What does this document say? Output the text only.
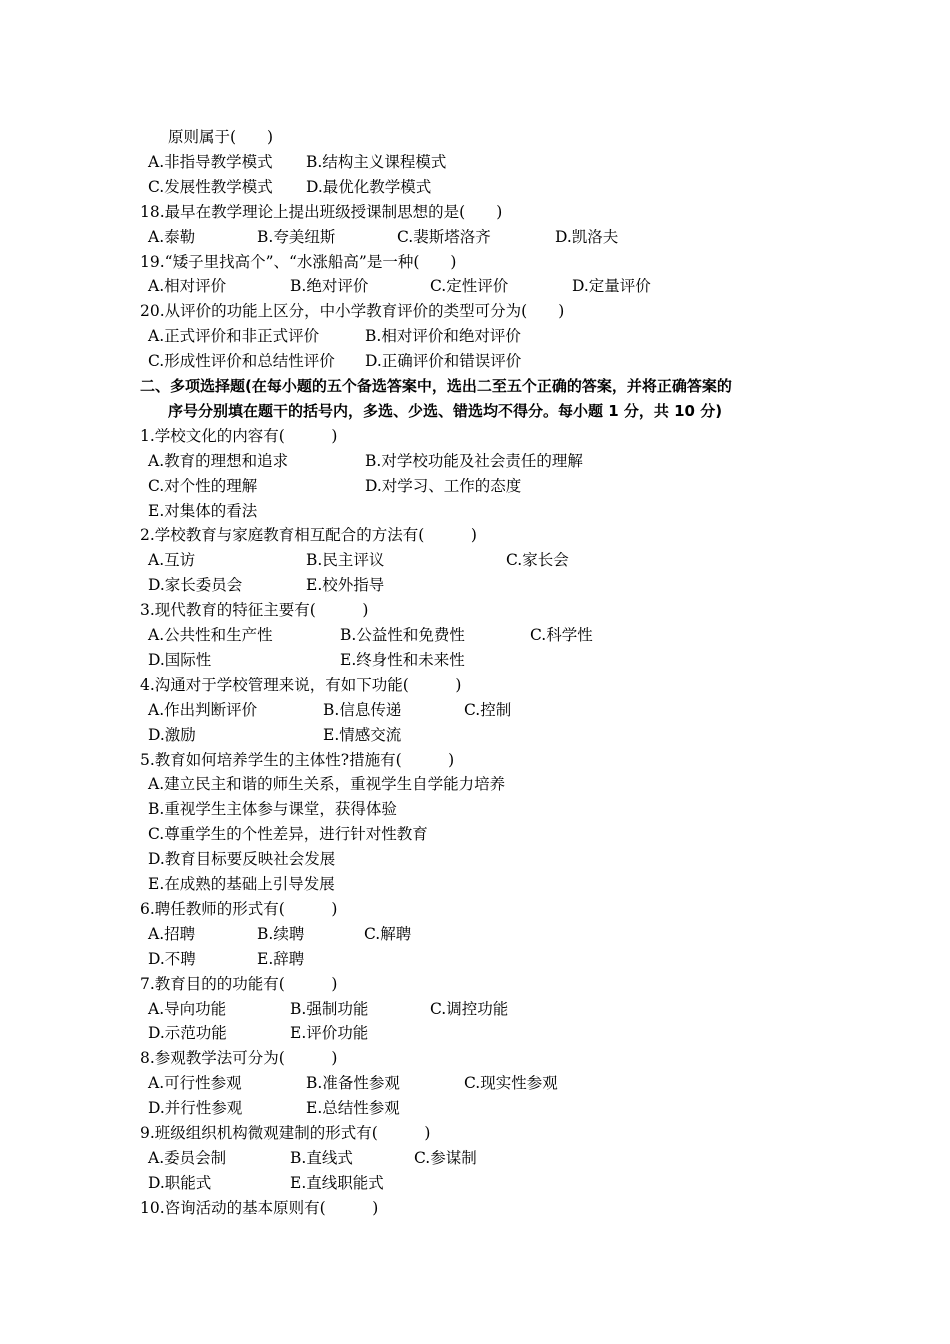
原则属于(　　)
A.非指导教学模式 B.结构主义课程模式
C.发展性教学模式 D.最优化教学模式
18.最早在教学理论上提出班级授课制思想的是(　　)
A.泰勒	B.夸美纽斯	C.裴斯塔洛齐	D.凯洛夫
19.“矮子里找高个”、“水涨船高”是一种(　　)
A.相对评价	B.绝对评价	C.定性评价	D.定量评价
20.从评价的功能上区分，中小学教育评价的类型可分为(　　)
A.正式评价和非正式评价	B.相对评价和绝对评价
C.形成性评价和总结性评价 D.正确评价和错误评价
二、多项选择题(在每小题的五个备选答案中，选出二至五个正确的答案，并将正确答案的
序号分别填在题干的括号内，多选、少选、错选均不得分。每小题 1 分，共 10 分)
1.学校文化的内容有(　　　)
A.教育的理想和追求	B.对学校功能及社会责任的理解
C.对个性的理解	D.对学习、工作的态度
E.对集体的看法
2.学校教育与家庭教育相互配合的方法有(　　　)
A.互访	B.民主评议	C.家长会
D.家长委员会	E.校外指导
3.现代教育的特征主要有(　　　)
A.公共性和生产性	B.公益性和免费性	C.科学性
D.国际性	E.终身性和未来性
4.沟通对于学校管理来说，有如下功能(　　　)
A.作出判断评价	B.信息传递	C.控制
D.激励	E.情感交流
5.教育如何培养学生的主体性?措施有(　　　)
A.建立民主和谐的师生关系，重视学生自学能力培养
B.重视学生主体参与课堂，获得体验
C.尊重学生的个性差异，进行针对性教育
D.教育目标要反映社会发展
E.在成熟的基础上引导发展
6.聘任教师的形式有(　　　)
A.招聘	B.续聘	C.解聘
D.不聘	E.辞聘
7.教育目的的功能有(　　　)
A.导向功能	B.强制功能	C.调控功能
D.示范功能	E.评价功能
8.参观教学法可分为(　　　)
A.可行性参观	B.准备性参观	C.现实性参观
D.并行性参观	E.总结性参观
9.班级组织机构微观建制的形式有(　　　)
A.委员会制	B.直线式	C.参谋制
D.职能式	E.直线职能式
10.咨询活动的基本原则有(　　　)
